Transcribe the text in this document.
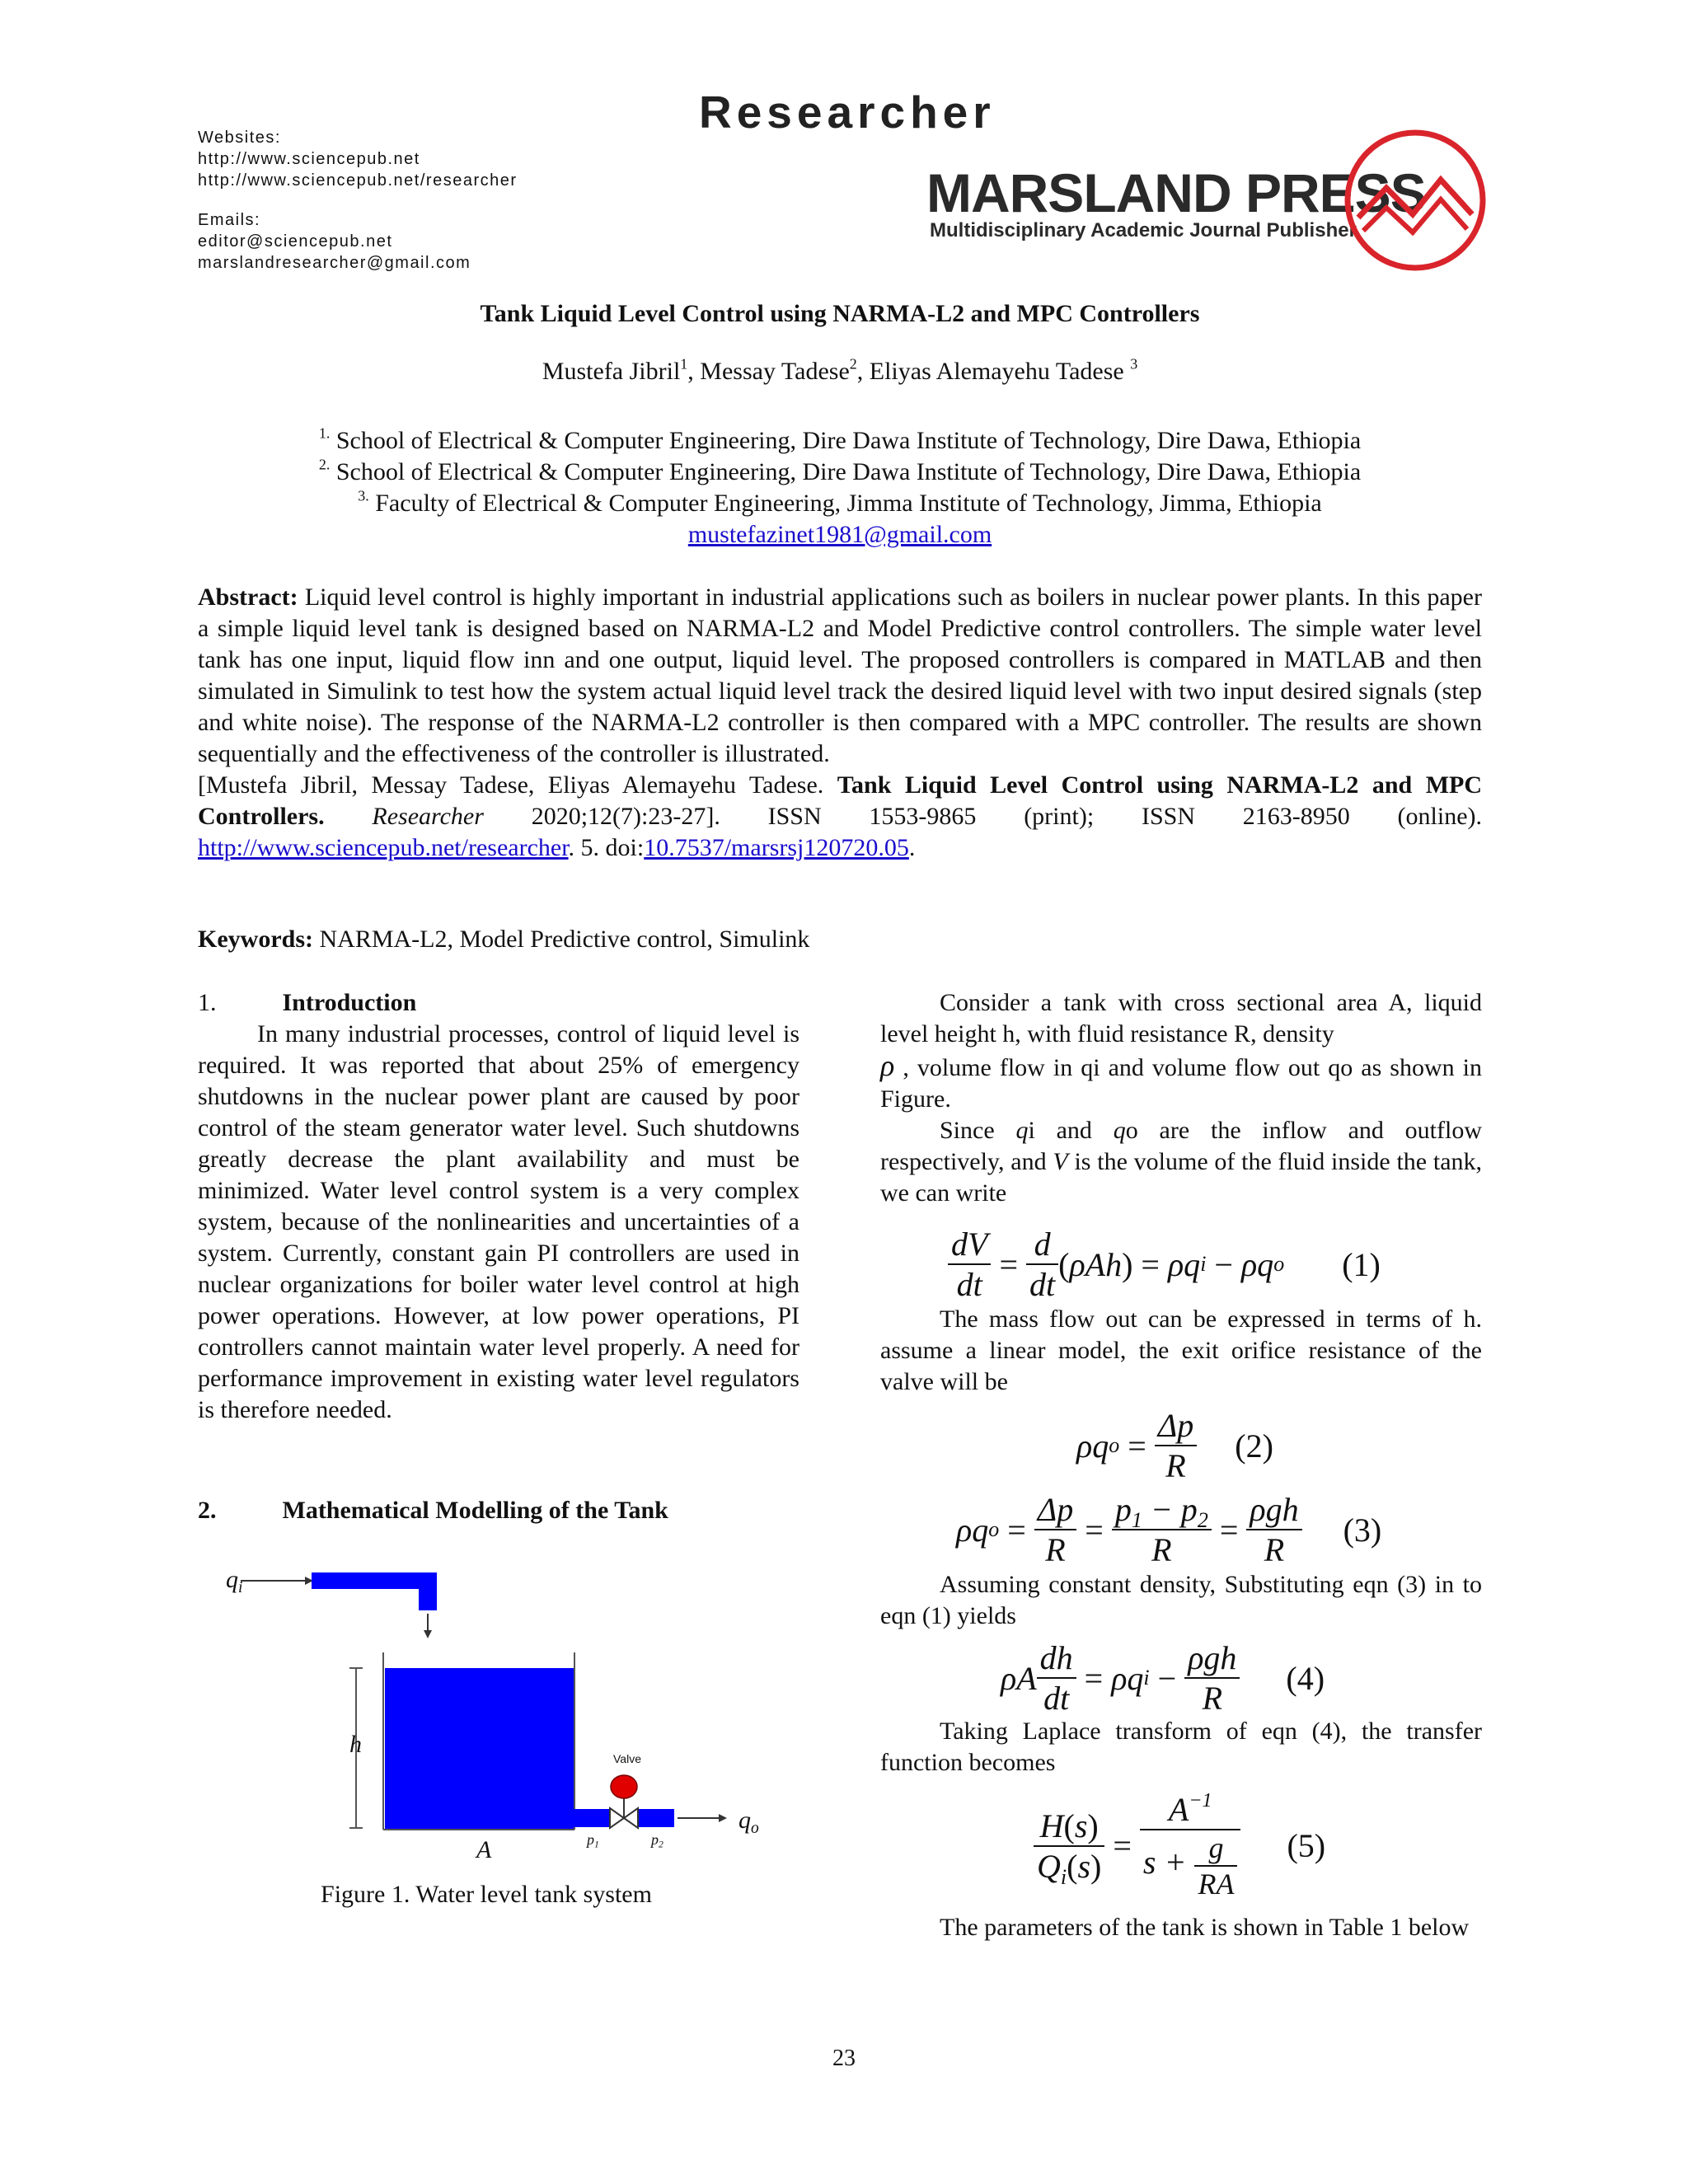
Websites:
http://www.sciencepub.net
http://www.sciencepub.net/researcher
Emails:
editor@sciencepub.net
marslandresearcher@gmail.com
Researcher
MARSLAND PRESS
Multidisciplinary Academic Journal Publisher
Tank Liquid Level Control using NARMA-L2 and MPC Controllers
Mustefa Jibril$^1$, Messay Tadese$^2$, Eliyas Alemayehu Tadese $^3$
$^{1.}$ School of Electrical & Computer Engineering, Dire Dawa Institute of Technology, Dire Dawa, Ethiopia
$^{2.}$ School of Electrical & Computer Engineering, Dire Dawa Institute of Technology, Dire Dawa, Ethiopia
$^{3.}$ Faculty of Electrical & Computer Engineering, Jimma Institute of Technology, Jimma, Ethiopia
mustefazinet1981@gmail.com
Abstract: Liquid level control is highly important in industrial applications such as boilers in nuclear power plants. In this paper a simple liquid level tank is designed based on NARMA-L2 and Model Predictive control controllers. The simple water level tank has one input, liquid flow inn and one output, liquid level. The proposed controllers is compared in MATLAB and then simulated in Simulink to test how the system actual liquid level track the desired liquid level with two input desired signals (step and white noise). The response of the NARMA-L2 controller is then compared with a MPC controller. The results are shown sequentially and the effectiveness of the controller is illustrated.
[Mustefa Jibril, Messay Tadese, Eliyas Alemayehu Tadese. Tank Liquid Level Control using NARMA-L2 and MPC Controllers. Researcher 2020;12(7):23-27]. ISSN 1553-9865 (print); ISSN 2163-8950 (online). http://www.sciencepub.net/researcher. 5. doi:10.7537/marsrsj120720.05.
Keywords: NARMA-L2, Model Predictive control, Simulink
1.	Introduction
In many industrial processes, control of liquid level is required. It was reported that about 25% of emergency shutdowns in the nuclear power plant are caused by poor control of the steam generator water level. Such shutdowns greatly decrease the plant availability and must be minimized. Water level control system is a very complex system, because of the nonlinearities and uncertainties of a system. Currently, constant gain PI controllers are used in nuclear organizations for boiler water level control at high power operations. However, at low power operations, PI controllers cannot maintain water level properly. A need for performance improvement in existing water level regulators is therefore needed.
2.	Mathematical Modelling of the Tank
$q_i$
h
A
Valve
$p_1$	$p_2$
$q_o$
Figure 1. Water level tank system
Consider a tank with cross sectional area A, liquid level height h, with fluid resistance R, density
ρ , volume flow in qi and volume flow out qo as shown in Figure.
Since qi and qo are the inflow and outflow respectively, and V is the volume of the fluid inside the tank, we can write
$\frac{dV}{dt} = \frac{d}{dt}$ ( ρAh ) = ρq i − ρq o (1)
The mass flow out can be expressed in terms of h. assume a linear model, the exit orifice resistance of the valve will be
ρq $o = \frac{\Delta p}{R} (2)$
ρq $o = \frac{\Delta p}{R} = \frac{p_1 - p_2}{R} = \frac{\text{ρgh}}{R} (3)$
Assuming constant density, Substituting eqn (3) in to eqn (1) yields
ρA $\frac{dh}{dt} = \rho q$ $i - \frac{\text{ρgh}}{R} (4)$
Taking Laplace transform of eqn (4), the transfer function becomes
$\frac{H(s)}{Q_i(s)} = \frac{A^{-1}}{s + \frac{g}{RA}} (5)$
The parameters of the tank is shown in Table 1 below
23
